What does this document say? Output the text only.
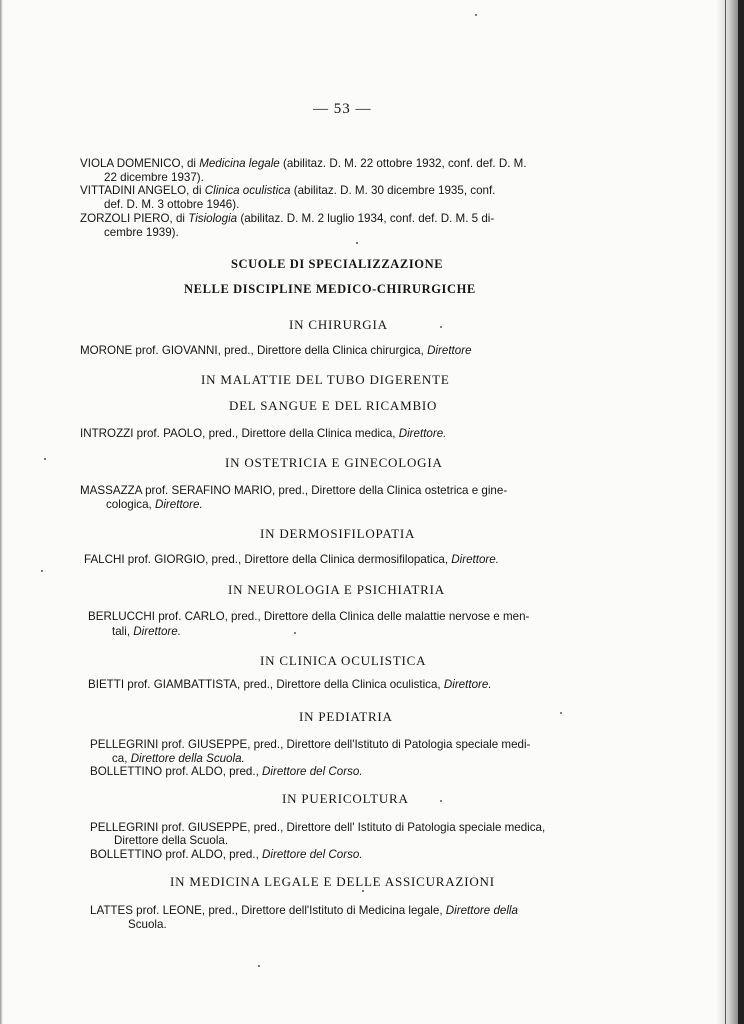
— 53 —
VIOLA DOMENICO, di Medicina legale (abilitaz. D. M. 22 ottobre 1932, conf. def. D. M.
22 dicembre 1937).
VITTADINI ANGELO, di Clinica oculistica (abilitaz. D. M. 30 dicembre 1935, conf.
def. D. M. 3 ottobre 1946).
ZORZOLI PIERO, di Tisiologia (abilitaz. D. M. 2 luglio 1934, conf. def. D. M. 5 di-
cembre 1939).
SCUOLE DI SPECIALIZZAZIONE
NELLE DISCIPLINE MEDICO-CHIRURGICHE
IN CHIRURGIA
MORONE prof. GIOVANNI, pred., Direttore della Clinica chirurgica, Direttore
IN MALATTIE DEL TUBO DIGERENTE
DEL SANGUE E DEL RICAMBIO
INTROZZI prof. PAOLO, pred., Direttore della Clinica medica, Direttore.
IN OSTETRICIA E GINECOLOGIA
MASSAZZA prof. SERAFINO MARIO, pred., Direttore della Clinica ostetrica e gine-
cologica, Direttore.
IN DERMOSIFILOPATIA
FALCHI prof. GIORGIO, pred., Direttore della Clinica dermosifilopatica, Direttore.
IN NEUROLOGIA E PSICHIATRIA
BERLUCCHI prof. CARLO, pred., Direttore della Clinica delle malattie nervose e men-
tali, Direttore.
IN CLINICA OCULISTICA
BIETTI prof. GIAMBATTISTA, pred., Direttore della Clinica oculistica, Direttore.
IN PEDIATRIA
PELLEGRINI prof. GIUSEPPE, pred., Direttore dell'Istituto di Patologia speciale medi-
ca, Direttore della Scuola.
BOLLETTINO prof. ALDO, pred., Direttore del Corso.
IN PUERICOLTURA
PELLEGRINI prof. GIUSEPPE, pred., Direttore dell' Istituto di Patologia speciale medica,
Direttore della Scuola.
BOLLETTINO prof. ALDO, pred., Direttore del Corso.
IN MEDICINA LEGALE E DELLE ASSICURAZIONI
LATTES prof. LEONE, pred., Direttore dell'Istituto di Medicina legale, Direttore della
Scuola.
